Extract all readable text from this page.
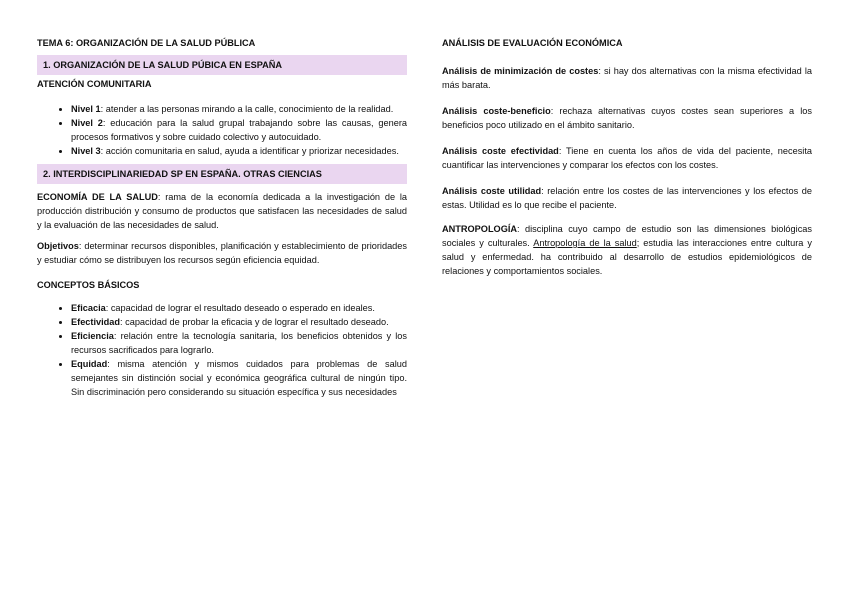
TEMA 6: ORGANIZACIÓN DE LA SALUD PÚBLICA
1. ORGANIZACIÓN DE LA SALUD PÚBICA EN ESPAÑA
ATENCIÓN COMUNITARIA
• Nivel 1: atender a las personas mirando a la calle, conocimiento de la realidad.
• Nivel 2: educación para la salud grupal trabajando sobre las causas, genera procesos formativos y sobre cuidado colectivo y autocuidado.
• Nivel 3: acción comunitaria en salud, ayuda a identificar y priorizar necesidades.
2. INTERDISCIPLINARIEDAD SP EN ESPAÑA. OTRAS CIENCIAS

ECONOMÍA DE LA SALUD: rama de la economía dedicada a la investigación de la producción distribución y consumo de productos que satisfacen las necesidades de salud y la evaluación de las necesidades de salud.

Objetivos: determinar recursos disponibles, planificación y establecimiento de prioridades y estudiar cómo se distribuyen los recursos según eficiencia equidad.

CONCEPTOS BÁSICOS
• Eficacia: capacidad de lograr el resultado deseado o esperado en ideales.
• Efectividad: capacidad de probar la eficacia y de lograr el resultado deseado.
• Eficiencia: relación entre la tecnología sanitaria, los beneficios obtenidos y los recursos sacrificados para lograrlo.
• Equidad: misma atención y mismos cuidados para problemas de salud semejantes sin distinción social y económica geográfica cultural de ningún tipo. Sin discriminación pero considerando su situación específica y sus necesidades
ANÁLISIS DE EVALUACIÓN ECONÓMICA

Análisis de minimización de costes: si hay dos alternativas con la misma efectividad la más barata.

Análisis coste-beneficio: rechaza alternativas cuyos costes sean superiores a los beneficios poco utilizado en el ámbito sanitario.

Análisis coste efectividad: Tiene en cuenta los años de vida del paciente, necesita cuantificar las intervenciones y comparar los efectos con los costes.

Análisis coste utilidad: relación entre los costes de las intervenciones y los efectos de estas. Utilidad es lo que recibe el paciente.

ANTROPOLOGÍA: disciplina cuyo campo de estudio son las dimensiones biológicas sociales y culturales. Antropología de la salud; estudia las interacciones entre cultura y salud y enfermedad. ha contribuido al desarrollo de estudios epidemiológicos de relaciones y comportamientos sociales.
